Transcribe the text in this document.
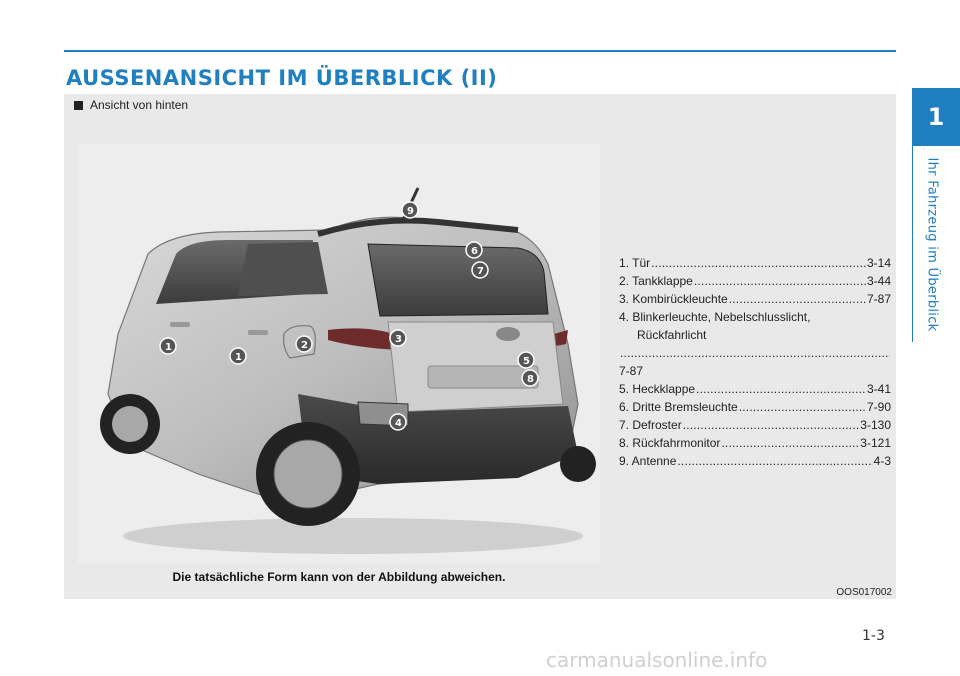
AUSSENANSICHT IM ÜBERBLICK (II)
1
Ihr Fahrzeug im Überblick
Ansicht von hinten
1
1
2
3
4
5
6
7
8
9
1. Tür .....	3-14
2. Tankklappe .....	3-44
3. Kombirückleuchte .....	7-87
4. Blinkerleuchte, Nebelschlusslicht,
Rückfahrlicht
.....
7-87
5. Heckklappe .....	3-41
6. Dritte Bremsleuchte .....	7-90
7. Defroster .....	3-130
8. Rückfahrmonitor .....	3-121
9. Antenne .....	4-3
Die tatsächliche Form kann von der Abbildung abweichen.
OOS017002
1-3
carmanualsonline.info
